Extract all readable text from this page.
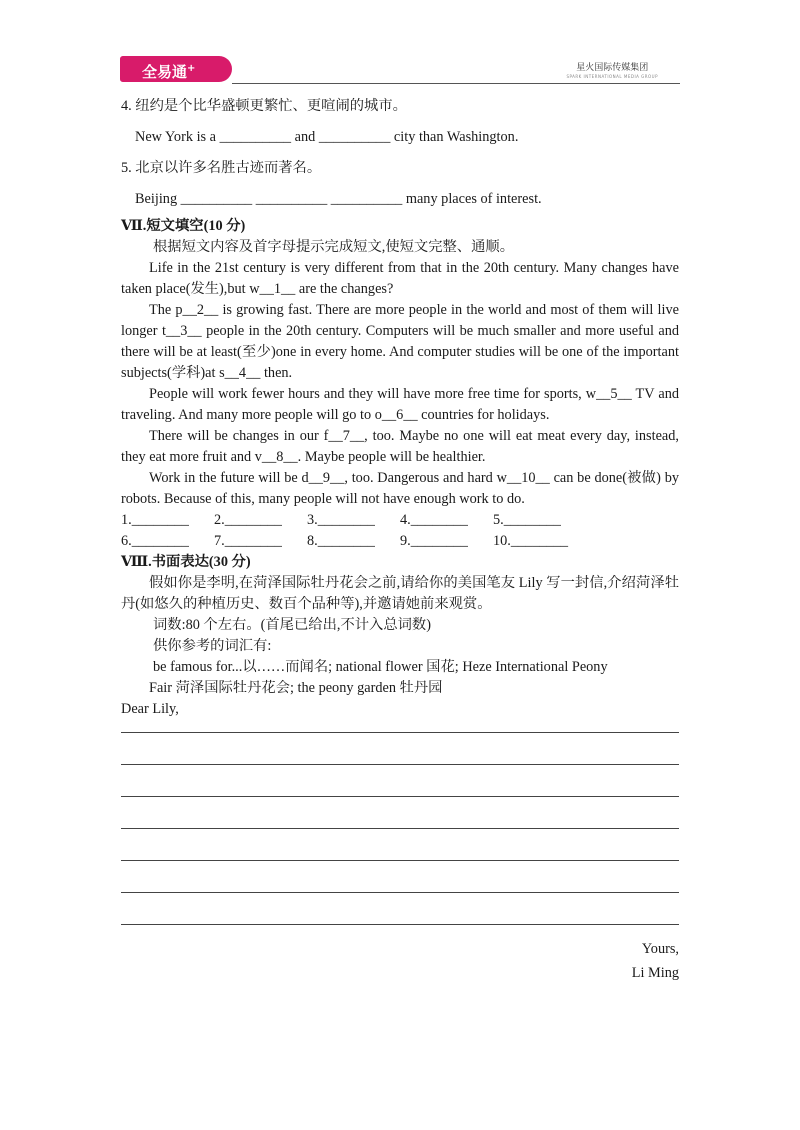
全易通+	星火国际传媒集团
SPARK INTERNATIONAL MEDIA GROUP
4. 纽约是个比华盛顿更繁忙、更喧闹的城市。
New York is a __________ and __________ city than Washington.
5. 北京以许多名胜古迹而著名。
Beijing __________ __________ __________ many places of interest.
Ⅶ.短文填空(10 分)
根据短文内容及首字母提示完成短文,使短文完整、通顺。
Life in the 21st century is very different from that in the 20th century. Many changes have taken place(发生),but w__1__ are the changes?
The p__2__ is growing fast. There are more people in the world and most of them will live longer t__3__ people in the 20th century. Computers will be much smaller and more useful and there will be at least(至少)one in every home. And computer studies will be one of the important subjects(学科)at s__4__ then.
People will work fewer hours and they will have more free time for sports, w__5__ TV and traveling. And many more people will go to o__6__ countries for holidays.
There will be changes in our f__7__, too. Maybe no one will eat meat every day, instead, they eat more fruit and v__8__. Maybe people will be healthier.
Work in the future will be d__9__, too. Dangerous and hard w__10__ can be done(被做) by robots. Because of this, many people will not have enough work to do.
1.________	2.________	3.________	4.________	5.________
6.________	7.________	8.________	9.________	10.________
Ⅷ.书面表达(30 分)
假如你是李明,在菏泽国际牡丹花会之前,请给你的美国笔友 Lily 写一封信,介绍菏泽牡丹(如悠久的种植历史、数百个品种等),并邀请她前来观赏。
词数:80 个左右。(首尾已给出,不计入总词数)
供你参考的词汇有:
be famous for...以……而闻名; national flower 国花; Heze International Peony
Fair 菏泽国际牡丹花会; the peony garden 牡丹园
Dear Lily,
Yours,
Li Ming
